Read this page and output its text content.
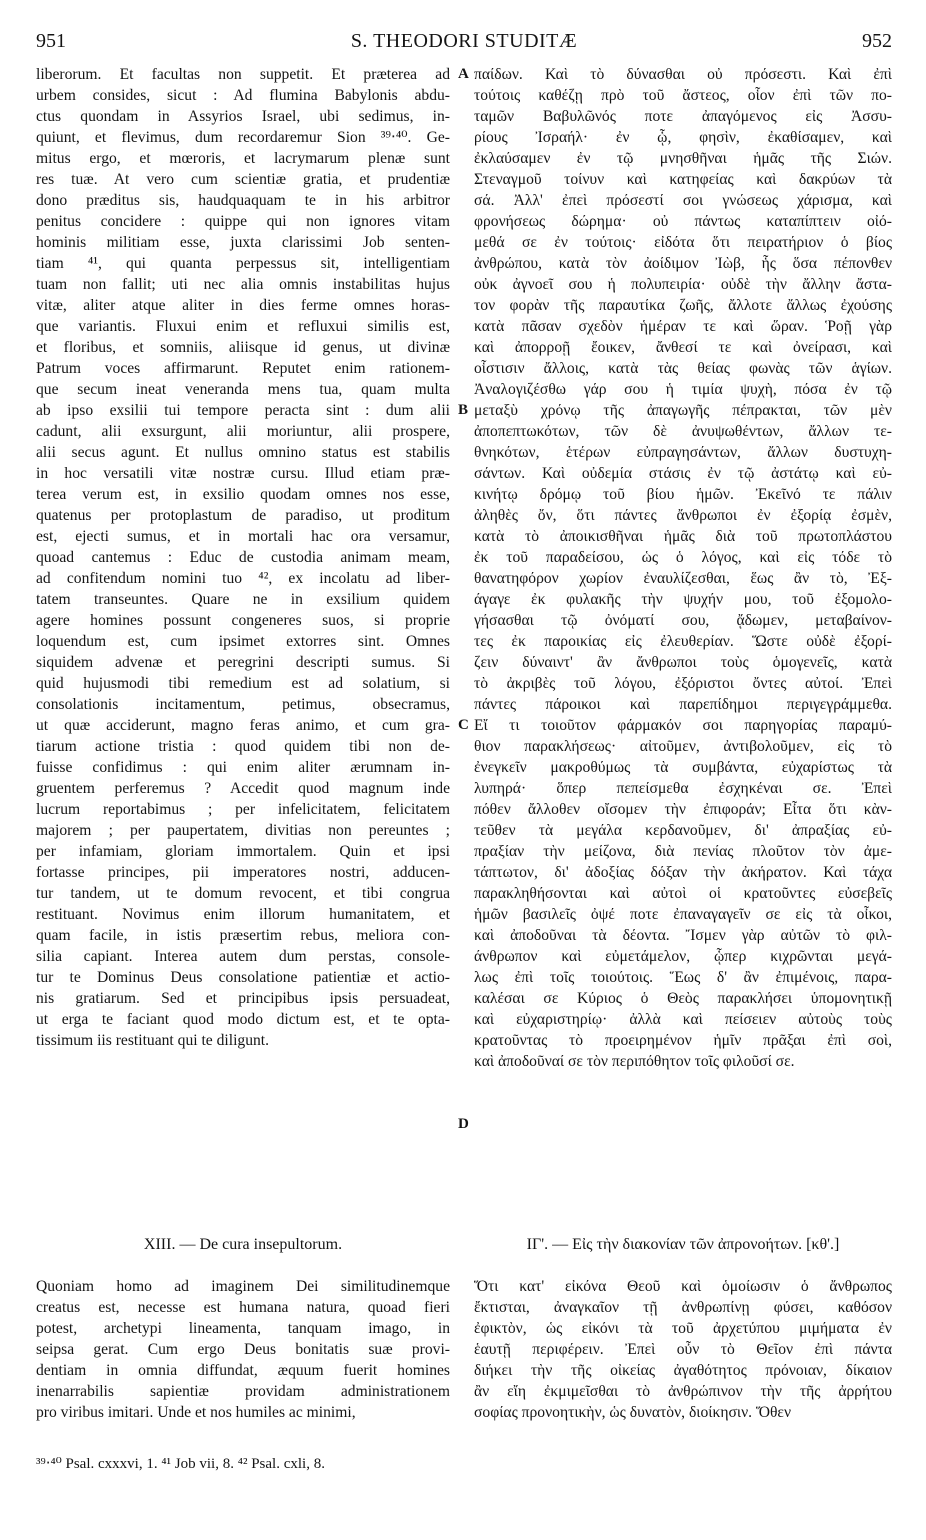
951	S. THEODORI STUDITÆ	952
liberorum. Et facultas non suppetit. Et præterea ad
urbem consides, sicut : Ad flumina Babylonis abdu-
ctus quondam in Assyrios Israel, ubi sedimus, in-
quiunt, et flevimus, dum recordaremur Sion ³⁹‧⁴⁰. Ge-
mitus ergo, et mœroris, et lacrymarum plenæ sunt
res tuæ. At vero cum scientiæ gratia, et prudentiæ
dono præditus sis, haudquaquam te in his arbitror
penitus concidere : quippe qui non ignores vitam
hominis militiam esse, juxta clarissimi Job senten-
tiam ⁴¹, qui quanta perpessus sit, intelligentiam
tuam non fallit; uti nec alia omnis instabilitas hujus
vitæ, aliter atque aliter in dies ferme omnes horas-
que variantis. Fluxui enim et refluxui similis est,
et floribus, et somniis, aliisque id genus, ut divinæ
Patrum voces affirmarunt. Reputet enim rationem-
que secum ineat veneranda mens tua, quam multa
ab ipso exsilii tui tempore peracta sint : dum alii
cadunt, alii exsurgunt, alii moriuntur, alii prospere,
alii secus agunt. Et nullus omnino status est stabilis
in hoc versatili vitæ nostræ cursu. Illud etiam præ-
terea verum est, in exsilio quodam omnes nos esse,
quatenus per protoplastum de paradiso, ut proditum
est, ejecti sumus, et in mortali hac ora versamur,
quoad cantemus : Educ de custodia animam meam,
ad confitendum nomini tuo ⁴², ex incolatu ad liber-
tatem transeuntes. Quare ne in exsilium quidem
agere homines possunt congeneres suos, si proprie
loquendum est, cum ipsimet extorres sint. Omnes
siquidem advenæ et peregrini descripti sumus. Si
quid hujusmodi tibi remedium est ad solatium, si
consolationis incitamentum, petimus, obsecramus,
ut quæ acciderunt, magno feras animo, et cum gra-
tiarum actione tristia : quod quidem tibi non de-
fuisse confidimus : qui enim aliter ærumnam in-
gruentem perferemus ? Accedit quod magnum inde
lucrum reportabimus ; per infelicitatem, felicitatem
majorem ; per paupertatem, divitias non pereuntes ;
per infamiam, gloriam immortalem. Quin et ipsi
fortasse principes, pii imperatores nostri, adducen-
tur tandem, ut te domum revocent, et tibi congrua
restituant. Novimus enim illorum humanitatem, et
quam facile, in istis præsertim rebus, meliora con-
silia capiant. Interea autem dum perstas, consolе-
tur te Dominus Deus consolatione patientiæ et actio-
nis gratiarum. Sed et principibus ipsis persuadeat,
ut erga te faciant quod modo dictum est, et te opta-
tissimum iis restituant qui te diligunt.
παίδων. Καὶ τὸ δύνασθαι οὐ πρόσεστι. Καὶ ἐπὶ
τούτοις καθέζῃ πρὸ τοῦ ἄστεος, οἷον ἐπὶ τῶν πο-
ταμῶν Βαβυλῶνός ποτε ἀπαγόμενος εἰς Ἀσσυ-
ρίους Ἰσραήλ· ἐν ᾧ, φησὶν, ἐκαθίσαμεν, καὶ
ἐκλαύσαμεν ἐν τῷ μνησθῆναι ἡμᾶς τῆς Σιών.
Στεναγμοῦ τοίνυν καὶ κατηφείας καὶ δακρύων τὰ
σά. Ἀλλ' ἐπεὶ πρόσεστί σοι γνώσεως χάρισμα, καὶ
φρονήσεως δώρημα· οὐ πάντως καταπίπτειν οἰό-
μεθά σε ἐν τούτοις· εἰδότα ὅτι πειρατήριον ὁ βίος
ἀνθρώπου, κατὰ τὸν ἀοίδιμον Ἰὼβ, ἧς ὅσα πέπονθεν
οὐκ ἀγνοεῖ σου ἡ πολυπειρία· οὐδὲ τὴν ἄλλην ἄστα-
τον φορὰν τῆς παραυτίκα ζωῆς, ἄλλοτε ἄλλως ἐχούσης
κατὰ πᾶσαν σχεδὸν ἡμέραν τε καὶ ὥραν. Ῥοῇ γὰρ
καὶ ἀπορροῇ ἔοικεν, ἄνθεσί τε καὶ ὀνείρασι, καὶ
οἷστισιν ἄλλοις, κατὰ τὰς θείας φωνὰς τῶν ἁγίων.
Ἀναλογιζέσθω γάρ σου ἡ τιμία ψυχὴ, πόσα ἐν τῷ
μεταξὺ χρόνῳ τῆς ἀπαγωγῆς πέπρακται, τῶν μὲν
ἀποπεπτωκότων, τῶν δὲ ἀνυψωθέντων, ἄλλων τε-
θνηκότων, ἑτέρων εὐπραγησάντων, ἄλλων δυστυχη-
σάντων. Καὶ οὐδεμία στάσις ἐν τῷ ἀστάτῳ καὶ εὐ-
κινήτῳ δρόμῳ τοῦ βίου ἡμῶν. Ἐκεῖνό τε πάλιν
ἀληθὲς ὄν, ὅτι πάντες ἄνθρωποι ἐν ἐξορίᾳ ἐσμὲν,
κατὰ τὸ ἀποικισθῆναι ἡμᾶς διὰ τοῦ πρωτοπλάστου
ἐκ τοῦ παραδείσου, ὡς ὁ λόγος, καὶ εἰς τόδε τὸ
θανατηφόρον χωρίον ἐναυλίζεσθαι, ἕως ἂν τὸ, Ἐξ-
άγαγε ἐκ φυλακῆς τὴν ψυχήν μου, τοῦ ἐξομολο-
γήσασθαι τῷ ὀνόματί σου, ᾄδωμεν, μεταβαίνον-
τες ἐκ παροικίας εἰς ἐλευθερίαν. Ὥστε οὐδὲ ἐξορί-
ζειν δύναιντ' ἂν ἄνθρωποι τοὺς ὁμογενεῖς, κατὰ
τὸ ἀκριβὲς τοῦ λόγου, ἐξόριστοι ὄντες αὐτοί. Ἐπεὶ
πάντες πάροικοι καὶ παρεπίδημοι περιγεγράμμεθα.
Εἴ τι τοιοῦτον φάρμακόν σοι παρηγορίας παραμύ-
θιον παρακλήσεως· αἰτοῦμεν, ἀντιβολοῦμεν, εἰς τὸ
ἐνεγκεῖν μακροθύμως τὰ συμβάντα, εὐχαρίστως τὰ
λυπηρά· ὅπερ πεπείσμεθα ἐσχηκέναι σε. Ἐπεὶ
πόθεν ἄλλοθεν οἴσομεν τὴν ἐπιφοράν; Εἶτα ὅτι κὰν-
τεῦθεν τὰ μεγάλα κερδανοῦμεν, δι' ἀπραξίας εὐ-
πραξίαν τὴν μείζονα, διὰ πενίας πλοῦτον τὸν ἀμε-
τάπτωτον, δι' ἀδοξίας δόξαν τὴν ἀκήρατον. Καὶ τάχα
παρακληθήσονται καὶ αὐτοὶ οἱ κρατοῦντες εὐσεβεῖς
ἡμῶν βασιλεῖς ὀψέ ποτε ἐπαναγαγεῖν σε εἰς τὰ οἶκοι,
καὶ ἀποδοῦναι τὰ δέοντα. Ἴσμεν γὰρ αὐτῶν τὸ φιλ-
άνθρωπον καὶ εὐμετάμελον, ᾧπερ κιχρῶνται μεγά-
λως ἐπὶ τοῖς τοιούτοις. Ἕως δ' ἂν ἐπιμένοις, παρα-
καλέσαι σε Κύριος ὁ Θεὸς παρακλήσει ὑπομονητικῇ
καὶ εὐχαριστηρίῳ· ἀλλὰ καὶ πείσειεν αὐτοὺς τοὺς
κρατοῦντας τὸ προειρημένον ἡμῖν πρᾶξαι ἐπὶ σοὶ,
καὶ ἀποδοῦναί σε τὸν περιπόθητον τοῖς φιλοῦσί σε.
A
B
C
D
XIII. — De cura insepultorum.	ΙΓ'. — Εἰς τὴν διακονίαν τῶν ἀπρονοήτων. [κθ'.]
Quoniam homo ad imaginem Dei similitudinemque
creatus est, necesse est humana natura, quoad fieri
potest, archetypi lineamenta, tanquam imago, in
seipsa gerat. Cum ergo Deus bonitatis suæ provi-
dentiam in omnia diffundat, æquum fuerit homines
inenarrabilis sapientiæ providam administrationem
pro viribus imitari. Unde et nos humiles ac minimi,
Ὅτι κατ' εἰκόνα Θεοῦ καὶ ὁμοίωσιν ὁ ἄνθρωπος
ἔκτισται, ἀναγκαῖον τῇ ἀνθρωπίνῃ φύσει, καθόσον
ἐφικτὸν, ὡς εἰκόνι τὰ τοῦ ἀρχετύπου μιμήματα ἐν
ἑαυτῇ περιφέρειν. Ἐπεὶ οὖν τὸ Θεῖον ἐπὶ πάντα
διήκει τὴν τῆς οἰκείας ἀγαθότητος πρόνοιαν, δίκαιον
ἂν εἴη ἐκμιμεῖσθαι τὸ ἀνθρώπινον τὴν τῆς ἀρρήτου
σοφίας προνοητικὴν, ὡς δυνατὸν, διοίκησιν. Ὅθεν
³⁹‧⁴⁰ Psal. cxxxvi, 1. ⁴¹ Job vii, 8. ⁴² Psal. cxli, 8.
